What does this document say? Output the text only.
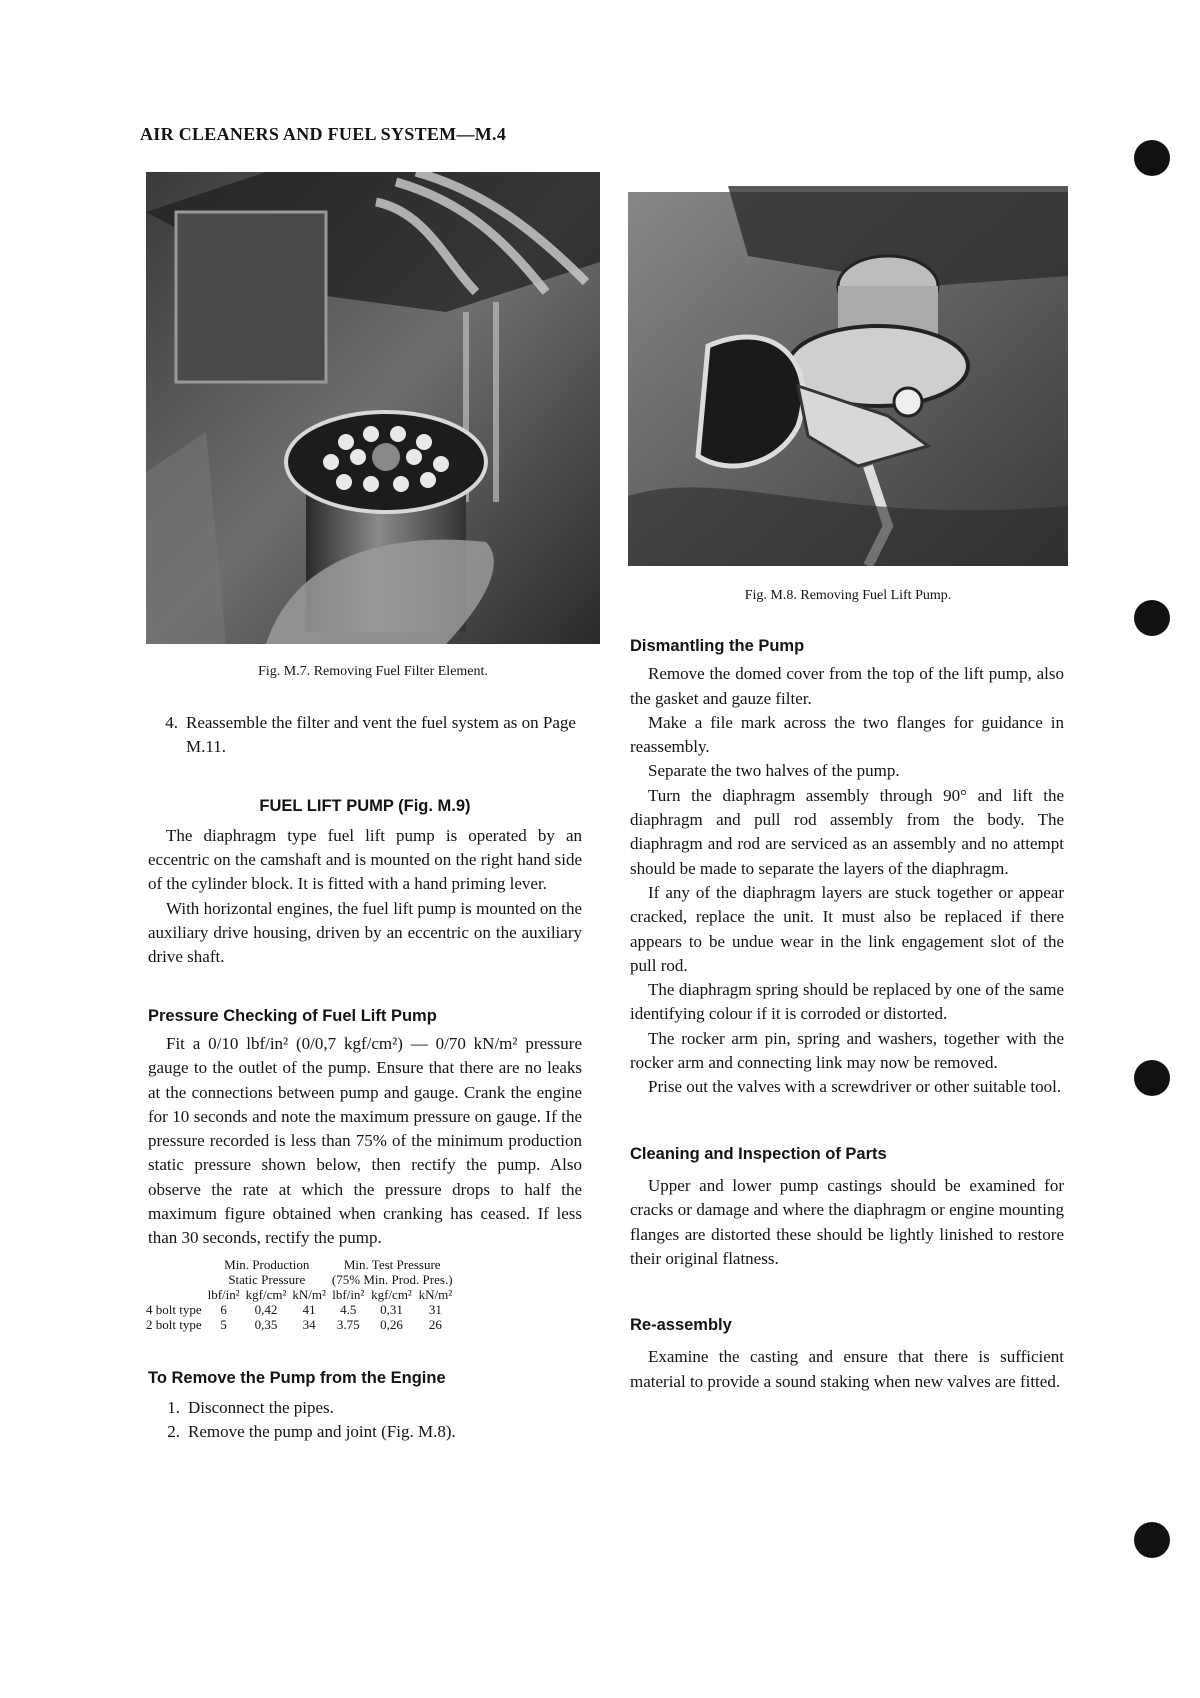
AIR CLEANERS AND FUEL SYSTEM—M.4
Fig. M.7. Removing Fuel Filter Element.
Fig. M.8. Removing Fuel Lift Pump.
4. Reassemble the filter and vent the fuel system as on Page M.11.
FUEL LIFT PUMP (Fig. M.9)

The diaphragm type fuel lift pump is operated by an eccentric on the camshaft and is mounted on the right hand side of the cylinder block. It is fitted with a hand priming lever.

With horizontal engines, the fuel lift pump is mounted on the auxiliary drive housing, driven by an eccentric on the auxiliary drive shaft.

Pressure Checking of Fuel Lift Pump

Fit a 0/10 lbf/in² (0/0,7 kgf/cm²) — 0/70 kN/m² pressure gauge to the outlet of the pump. Ensure that there are no leaks at the connections between pump and gauge. Crank the engine for 10 seconds and note the maximum pressure on gauge. If the pressure recorded is less than 75% of the minimum production static pressure shown below, then rectify the pump. Also observe the rate at which the pressure drops to half the maximum figure obtained when cranking has ceased. If less than 30 seconds, rectify the pump.

	Min. Production			Min. Test Pressure		
	Static Pressure			(75% Min. Prod. Pres.)		
	lbf/in²	kgf/cm²	kN/m²	lbf/in²	kgf/cm²	kN/m²
4 bolt type	6	0,42	41	4.5	0,31	31
2 bolt type	5	0,35	34	3.75	0,26	26
To Remove the Pump from the Engine
1. Disconnect the pipes.
2. Remove the pump and joint (Fig. M.8).
Dismantling the Pump

Remove the domed cover from the top of the lift pump, also the gasket and gauze filter.

Make a file mark across the two flanges for guidance in reassembly.

Separate the two halves of the pump.

Turn the diaphragm assembly through 90° and lift the diaphragm and pull rod assembly from the body. The diaphragm and rod are serviced as an assembly and no attempt should be made to separate the layers of the diaphragm.

If any of the diaphragm layers are stuck together or appear cracked, replace the unit. It must also be replaced if there appears to be undue wear in the link engagement slot of the pull rod.

The diaphragm spring should be replaced by one of the same identifying colour if it is corroded or distorted.

The rocker arm pin, spring and washers, together with the rocker arm and connecting link may now be removed.

Prise out the valves with a screwdriver or other suitable tool.

Cleaning and Inspection of Parts

Upper and lower pump castings should be examined for cracks or damage and where the diaphragm or engine mounting flanges are distorted these should be lightly linished to restore their original flatness.

Re-assembly

Examine the casting and ensure that there is sufficient material to provide a sound staking when new valves are fitted.
